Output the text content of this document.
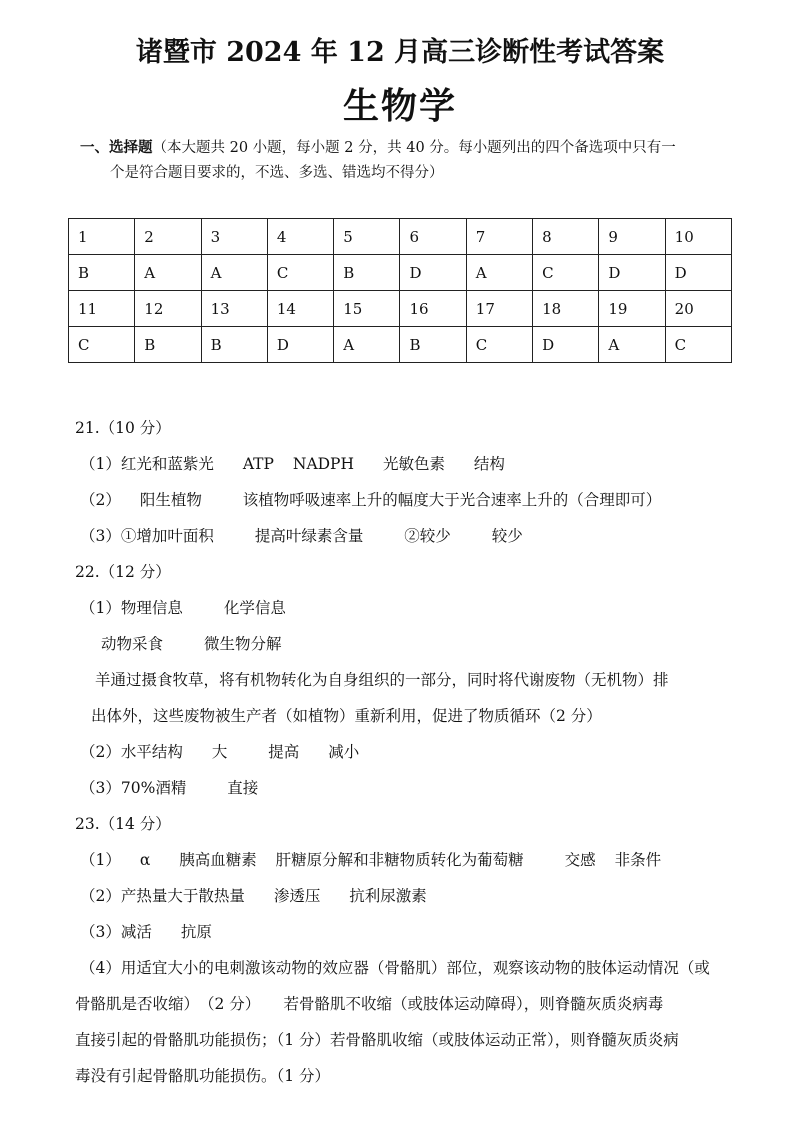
诸暨市 2024 年 12 月高三诊断性考试答案
生物学
一、选择题（本大题共 20 小题，每小题 2 分，共 40 分。每小题列出的四个备选项中只有一
个是符合题目要求的，不选、多选、错选均不得分）
1	2	3	4	5	6	7	8	9	10
B	A	A	C	B	D	A	C	D	D
11	12	13	14	15	16	17	18	19	20
C	B	B	D	A	B	C	D	A	C
21.（10 分）
（1）红光和蓝紫光 ATP NADPH 光敏色素 结构
（2） 阳生植物	该植物呼吸速率上升的幅度大于光合速率上升的（合理即可）
（3）①增加叶面积	提高叶绿素含量	②较少	较少
22.（12 分）
（1）物理信息	化学信息
动物采食	微生物分解
羊通过摄食牧草，将有机物转化为自身组织的一部分，同时将代谢废物（无机物）排
出体外，这些废物被生产者（如植物）重新利用，促进了物质循环（2 分）
（2）水平结构 大	提高 减小
（3）70%酒精	直接
23.（14 分）
（1） α 胰高血糖素 肝糖原分解和非糖物质转化为葡萄糖	交感 非条件
（2）产热量大于散热量 渗透压 抗利尿激素
（3）减活 抗原
（4）用适宜大小的电刺激该动物的效应器（骨骼肌）部位，观察该动物的肢体运动情况（或
骨骼肌是否收缩）　（2 分）　　若骨骼肌不收缩（或肢体运动障碍），则脊髓灰质炎病毒
直接引起的骨骼肌功能损伤；（1 分）若骨骼肌收缩（或肢体运动正常），则脊髓灰质炎病
毒没有引起骨骼肌功能损伤。（1 分）
